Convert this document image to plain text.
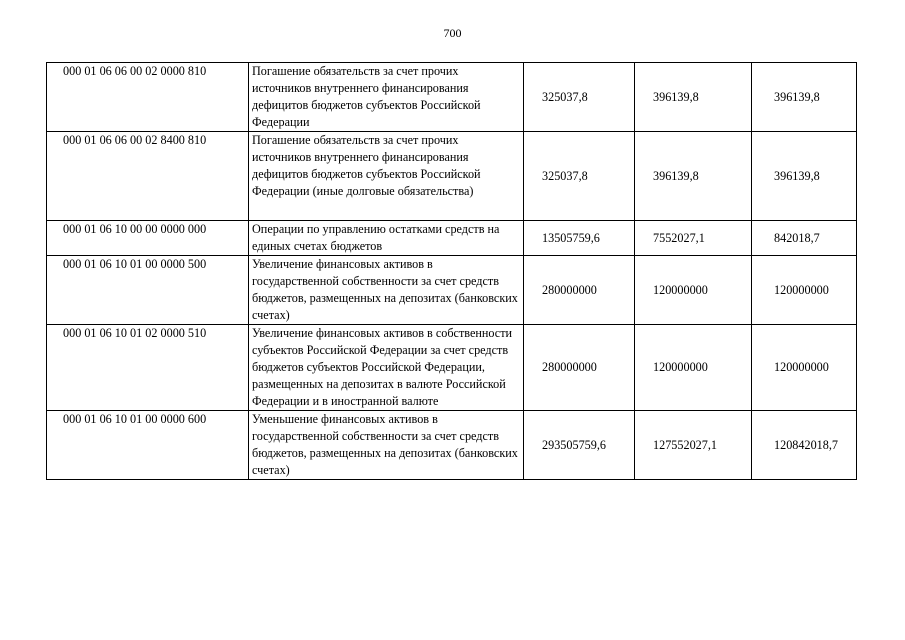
700
000 01 06 06 00 02 0000 810	Погашение обязательств за счет прочих источников внутреннего финансирования дефицитов бюджетов субъектов Российской Федерации	325037,8	396139,8	396139,8
000 01 06 06 00 02 8400 810	Погашение обязательств за счет прочих источников внутреннего финансирования дефицитов бюджетов субъектов Российской Федерации (иные долговые обязательства)	325037,8	396139,8	396139,8
000 01 06 10 00 00 0000 000	Операции по управлению остатками средств на единых счетах бюджетов	13505759,6	7552027,1	842018,7
000 01 06 10 01 00 0000 500	Увеличение финансовых активов в государственной собственности за счет средств бюджетов, размещенных на депозитах (банковских счетах)	280000000	120000000	120000000
000 01 06 10 01 02 0000 510	Увеличение финансовых активов в собственности субъектов Российской Федерации за счет средств бюджетов субъектов Российской Федерации, размещенных на депозитах в валюте Российской Федерации и в иностранной валюте	280000000	120000000	120000000
000 01 06 10 01 00 0000 600	Уменьшение финансовых активов в государственной собственности за счет средств бюджетов, размещенных на депозитах (банковских счетах)	293505759,6	127552027,1	120842018,7
